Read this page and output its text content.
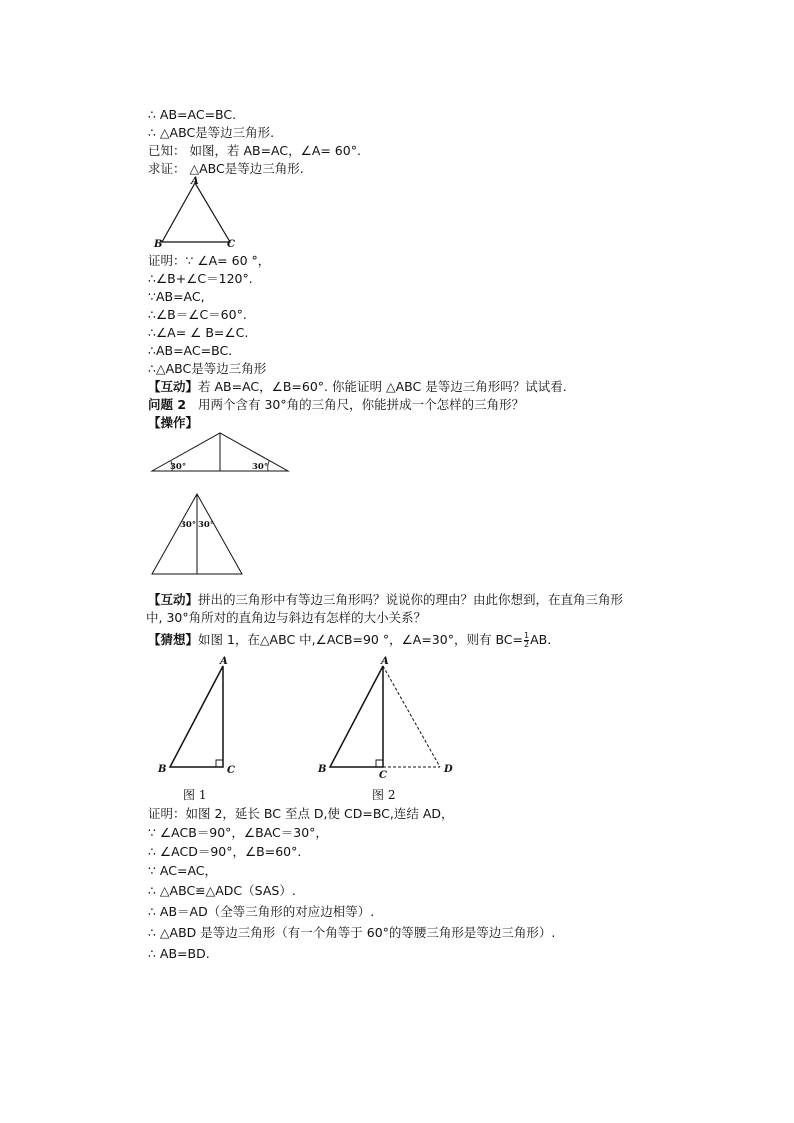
∴ AB=AC=BC.
∴ △ABC是等边三角形.
已知： 如图，若 AB=AC，∠A= 60°.
求证： △ABC是等边三角形.
A
B	C
证明：∵ ∠A= 60 °，
∴∠B+∠C＝120°.
∵AB=AC,
∴∠B＝∠C＝60°.
∴∠A= ∠ B=∠C.
∴AB=AC=BC.
∴△ABC是等边三角形
【互动】若 AB=AC，∠B=60°. 你能证明 △ABC 是等边三角形吗？试试看.
问题 2 用两个含有 30°角的三角尺，你能拼成一个怎样的三角形？
【操作】
30°	30°
30° 30°
【互动】拼出的三角形中有等边三角形吗？说说你的理由？由此你想到，在直角三角形
中, 30°角所对的直角边与斜边有怎样的大小关系？
【猜想】如图 1，在△ABC 中,∠ACB=90 °，∠A=30°，则有 $BC= \frac{1}{2}$ AB.
A
B	C
A
B
C
D
图 1	图 2
证明：如图 2，延长 BC 至点 D,使 CD=BC,连结 AD，
∵ ∠ACB＝90°，∠BAC＝30°，
∴ ∠ACD＝90°，∠B=60°.
∵ AC=AC，
∴ △ABC≌△ADC（SAS）.
∴ AB＝AD（全等三角形的对应边相等）.
∴ △ABD 是等边三角形（有一个角等于 60°的等腰三角形是等边三角形）.
∴ AB=BD.
